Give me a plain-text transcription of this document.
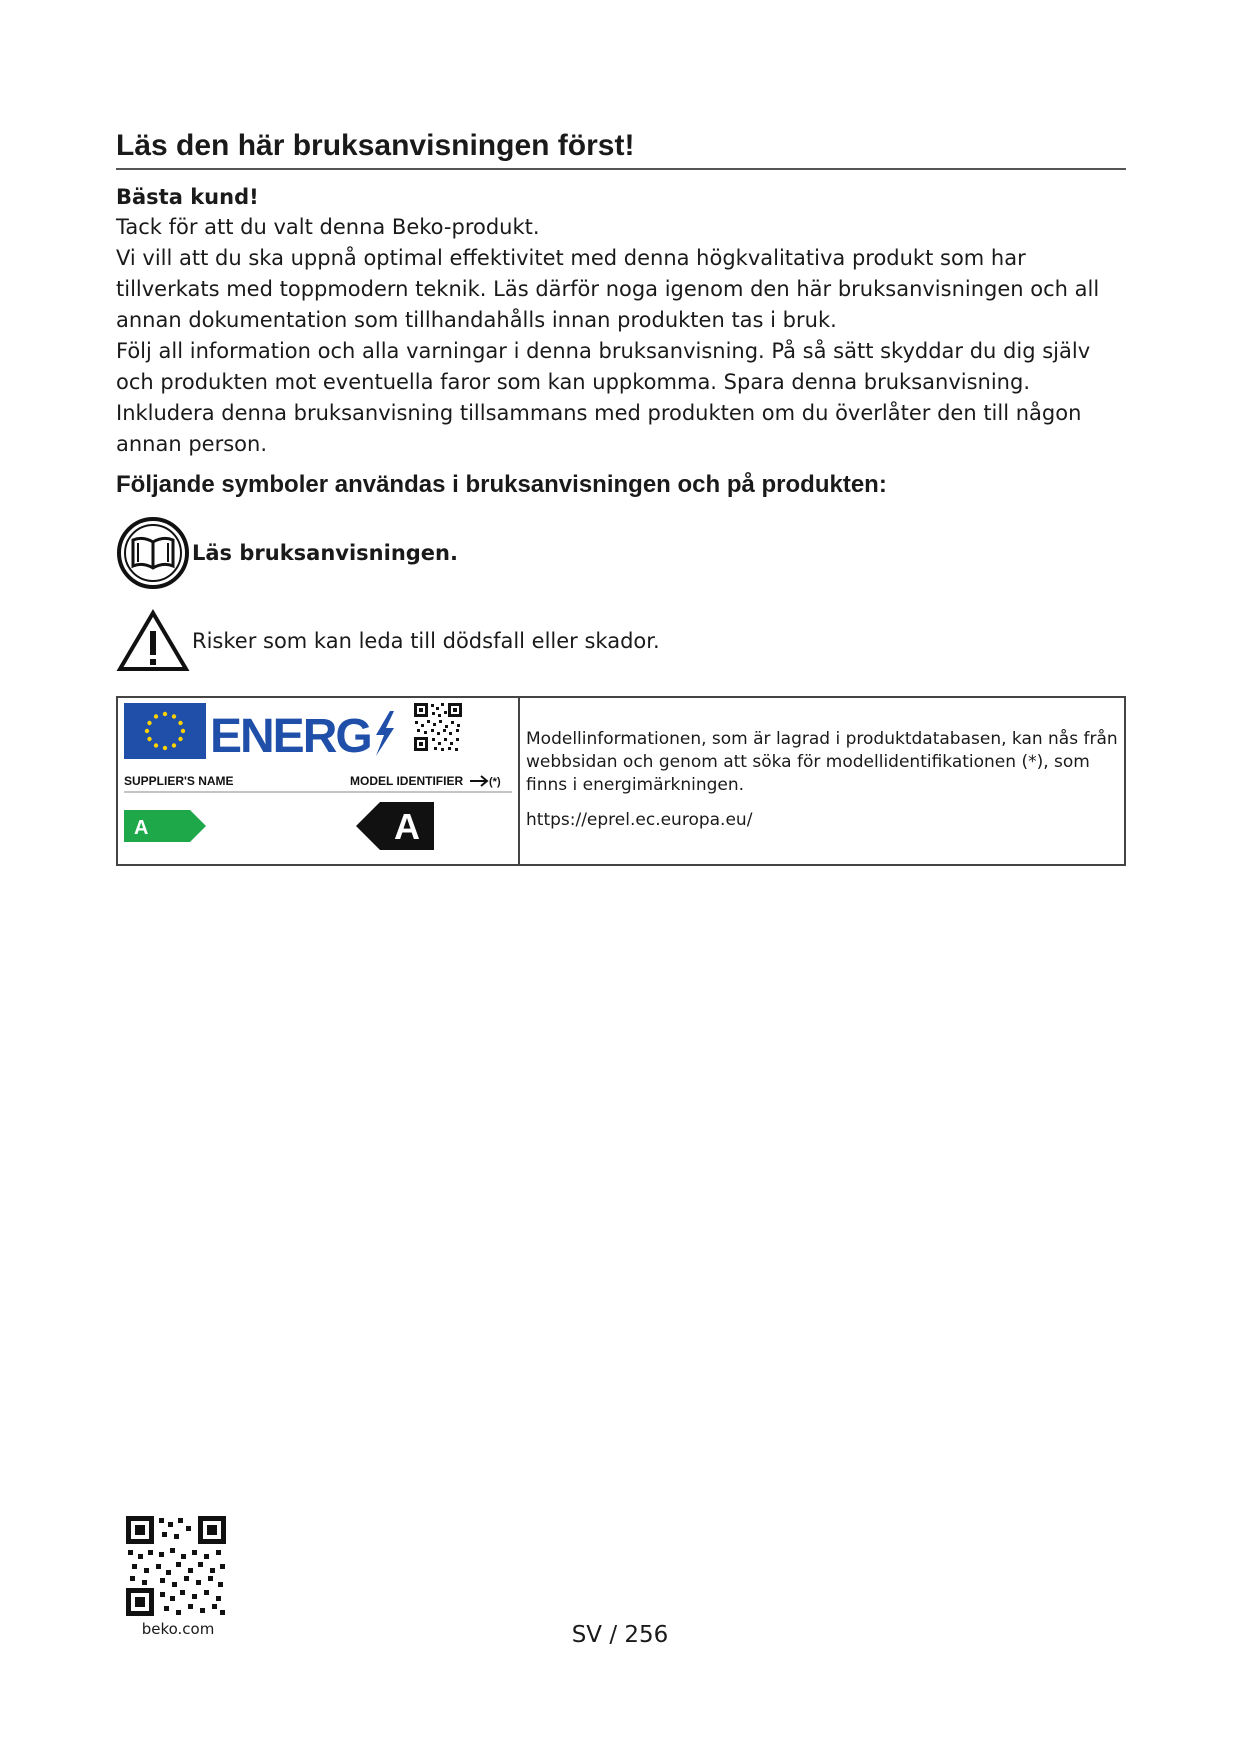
Läs den här bruksanvisningen först!
Bästa kund!

Tack för att du valt denna Beko-produkt.

Vi vill att du ska uppnå optimal effektivitet med denna högkvalitativa produkt som har tillverkats med toppmodern teknik. Läs därför noga igenom den här bruksanvisningen och all annan dokumentation som tillhandahålls innan produkten tas i bruk.

Följ all information och alla varningar i denna bruksanvisning. På så sätt skyddar du dig själv och produkten mot eventuella faror som kan uppkomma. Spara denna bruksanvisning. Inkludera denna bruksanvisning tillsammans med produkten om du överlåter den till någon annan person.

Följande symboler användas i bruksanvisningen och på produkten:
Läs bruksanvisningen.
Risker som kan leda till dödsfall eller skador.
ENERG
SUPPLIER'S NAME	MODEL IDENTIFIER (*)
A	A
Modellinformationen, som är lagrad i produktdatabasen, kan nås från webbsidan och genom att söka för modellidentifikationen (*), som finns i energimärkningen.
https://eprel.ec.europa.eu/
beko.com	SV / 256
